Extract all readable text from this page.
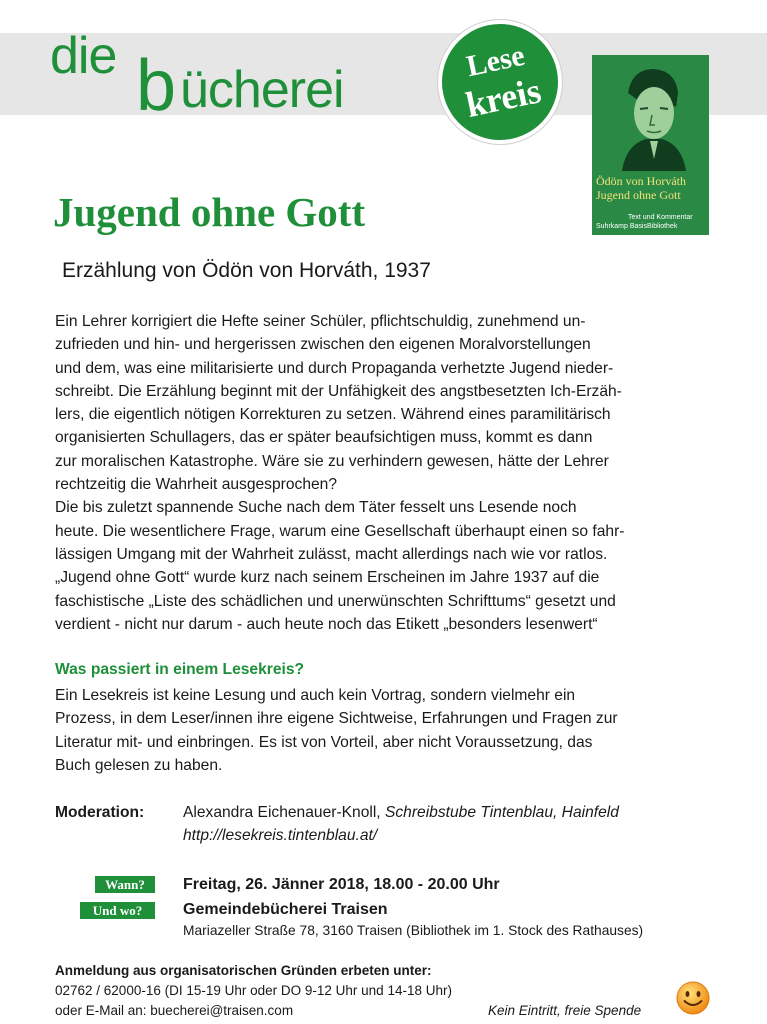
die b ücherei
Lese
kreis
Ödön von Horváth
Jugend ohne Gott
Text und Kommentar
Suhrkamp BasisBibliothek
Jugend ohne Gott
Erzählung von Ödön von Horváth, 1937

Ein Lehrer korrigiert die Hefte seiner Schüler, pflichtschuldig, zunehmend un-
zufrieden und hin- und hergerissen zwischen den eigenen Moralvorstellungen
und dem, was eine militarisierte und durch Propaganda verhetzte Jugend nieder-
schreibt. Die Erzählung beginnt mit der Unfähigkeit des angstbesetzten Ich-Erzäh-
lers, die eigentlich nötigen Korrekturen zu setzen. Während eines paramilitärisch
organisierten Schullagers, das er später beaufsichtigen muss, kommt es dann
zur moralischen Katastrophe. Wäre sie zu verhindern gewesen, hätte der Lehrer
rechtzeitig die Wahrheit ausgesprochen?

Die bis zuletzt spannende Suche nach dem Täter fesselt uns Lesende noch
heute. Die wesentlichere Frage, warum eine Gesellschaft überhaupt einen so fahr-
lässigen Umgang mit der Wahrheit zulässt, macht allerdings nach wie vor ratlos.
„Jugend ohne Gott“ wurde kurz nach seinem Erscheinen im Jahre 1937 auf die
faschistische „Liste des schädlichen und unerwünschten Schrifttums“ gesetzt und
verdient - nicht nur darum - auch heute noch das Etikett „besonders lesenwert“

Was passiert in einem Lesekreis?
Ein Lesekreis ist keine Lesung und auch kein Vortrag, sondern vielmehr ein
Prozess, in dem Leser/innen ihre eigene Sichtweise, Erfahrungen und Fragen zur
Literatur mit- und einbringen. Es ist von Vorteil, aber nicht Voraussetzung, das
Buch gelesen zu haben.
Moderation: Alexandra Eichenauer-Knoll, Schreibstube Tintenblau, Hainfeld
http://lesekreis.tintenblau.at/
Wann?
Und wo?
Freitag, 26. Jänner 2018, 18.00 - 20.00 Uhr
Gemeindebücherei Traisen
Mariazeller Straße 78, 3160 Traisen (Bibliothek im 1. Stock des Rathauses)
Anmeldung aus organisatorischen Gründen erbeten unter:
02762 / 62000-16 (DI 15-19 Uhr oder DO 9-12 Uhr und 14-18 Uhr)
oder E-Mail an: buecherei@traisen.com	Kein Eintritt, freie Spende
